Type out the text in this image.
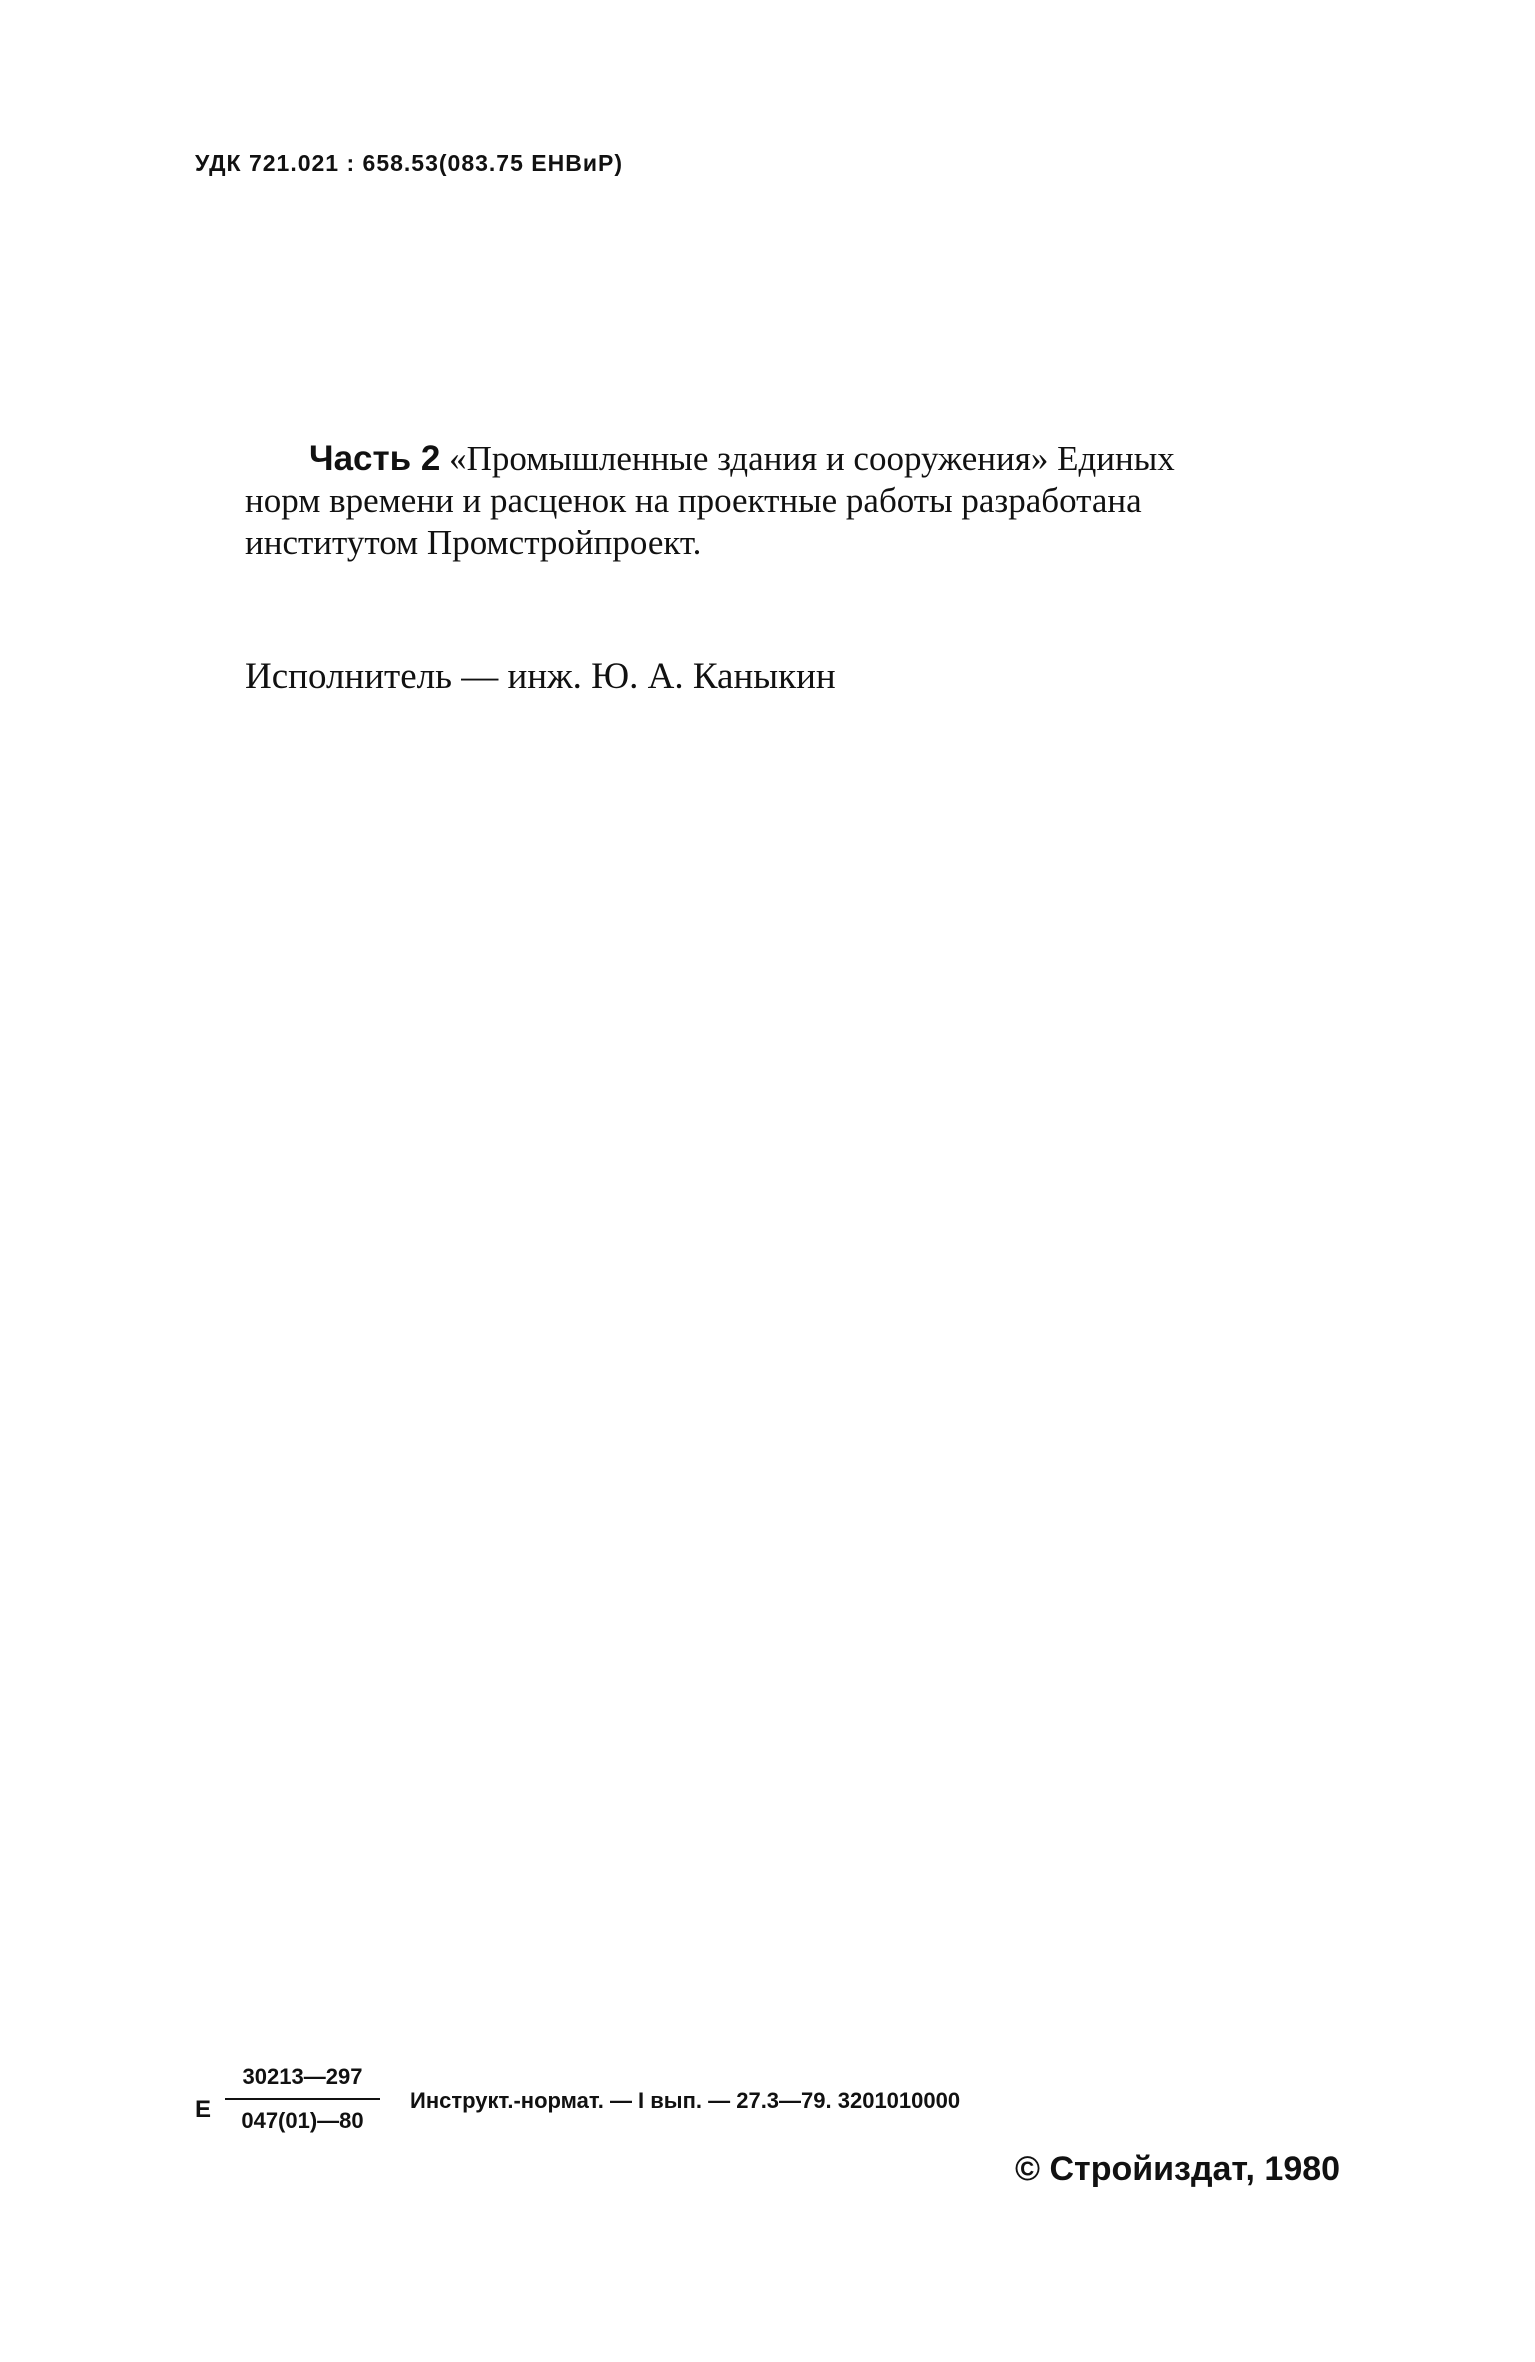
УДК 721.021 : 658.53(083.75 ЕНВиР)
Часть 2 «Промышленные здания и сооружения» Единых
норм времени и расценок на проектные работы разработана
институтом Промстройпроект.
Исполнитель — инж. Ю. А. Каныкин
Е
30213—297
047(01)—80
Инструкт.-нормат. — I вып. — 27.3—79. 3201010000
© Стройиздат, 1980
